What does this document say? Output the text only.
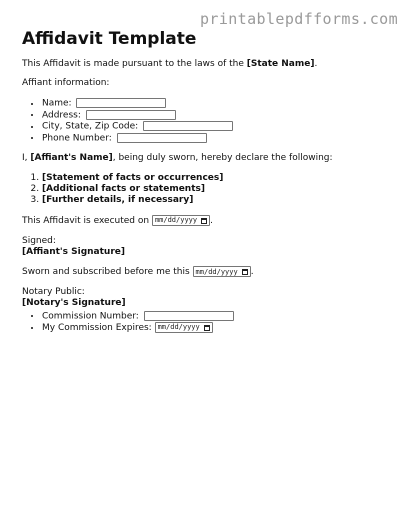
printablepdfforms.com
Affidavit Template

This Affidavit is made pursuant to the laws of the [State Name].

Affiant information:

• Name:
• Address:
• City, State, Zip Code:
• Phone Number:

I, [Affiant's Name], being duly sworn, hereby declare the following:

1. [Statement of facts or occurrences]
2. [Additional facts or statements]
3. [Further details, if necessary]

This Affidavit is executed on mm/dd/yyyy .

Signed:
[Affiant's Signature]

Sworn and subscribed before me this mm/dd/yyyy .

Notary Public:
[Notary's Signature]

• Commission Number:
• My Commission Expires: mm/dd/yyyy
